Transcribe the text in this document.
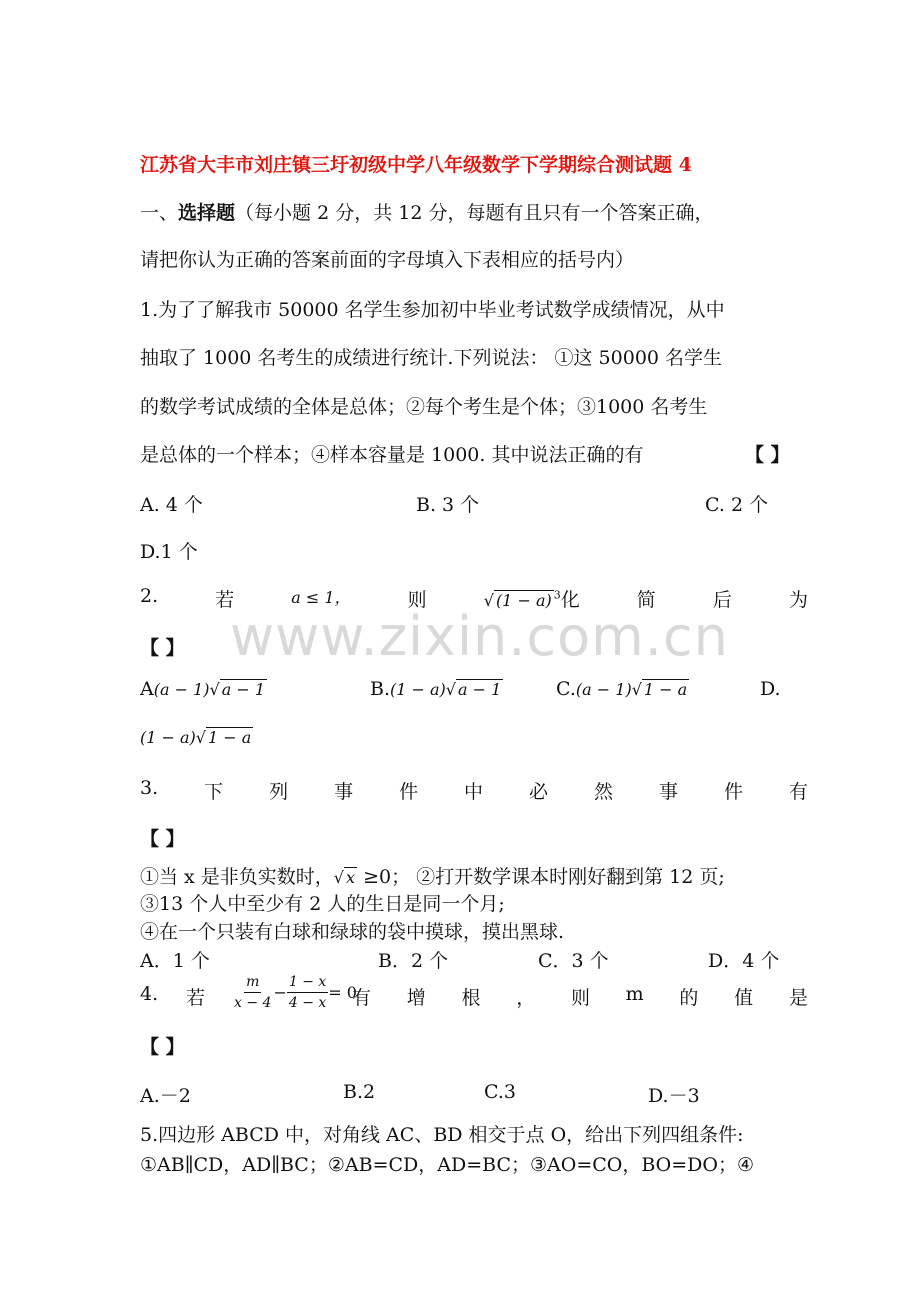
www.zixin.com.cn
江苏省大丰市刘庄镇三圩初级中学八年级数学下学期综合测试题 4
一、选择题（每小题 2 分，共 12 分，每题有且只有一个答案正确，
请把你认为正确的答案前面的字母填入下表相应的括号内）
1.为了了解我市 50000 名学生参加初中毕业考试数学成绩情况，从中
抽取了 1000 名考生的成绩进行统计.下列说法： ①这 50000 名学生
的数学考试成绩的全体是总体；②每个考生是个体；③1000 名考生
是总体的一个样本；④样本容量是 1000. 其中说法正确的有	【 】
A. 4 个	B. 3 个	C. 2 个
D.1 个
2.	若	a ≤ 1，	则	√ (1 − a) $^3$化	简	后	为
【 】
A(a − 1)√ a − 1	B.(1 − a)√ a − 1	C.(a − 1)√ 1 − a	D.
(1 − a)√ 1 − a
3. 下 列 事 件 中 必 然 事 件 有
【 】
①当 x 是非负实数时，√ x ≥0； ②打开数学课本时刚好翻到第 12 页;
③13 个人中至少有 2 人的生日是同一个月;
④在一个只装有白球和绿球的袋中摸球，摸出黑球.
A．1 个	B．2 个	C．3 个	D．4 个
4. 若 $\frac{m}{x - 4} - \frac{1 - x}{4 - x} = 0$
有 增 根 ， 则 m 的 值 是
【 】
A.－2	B.2	C.3	D.－3
5.四边形 ABCD 中，对角线 AC、BD 相交于点 O，给出下列四组条件:
①AB∥CD，AD∥BC；②AB=CD，AD=BC；③AO=CO，BO=DO；④
